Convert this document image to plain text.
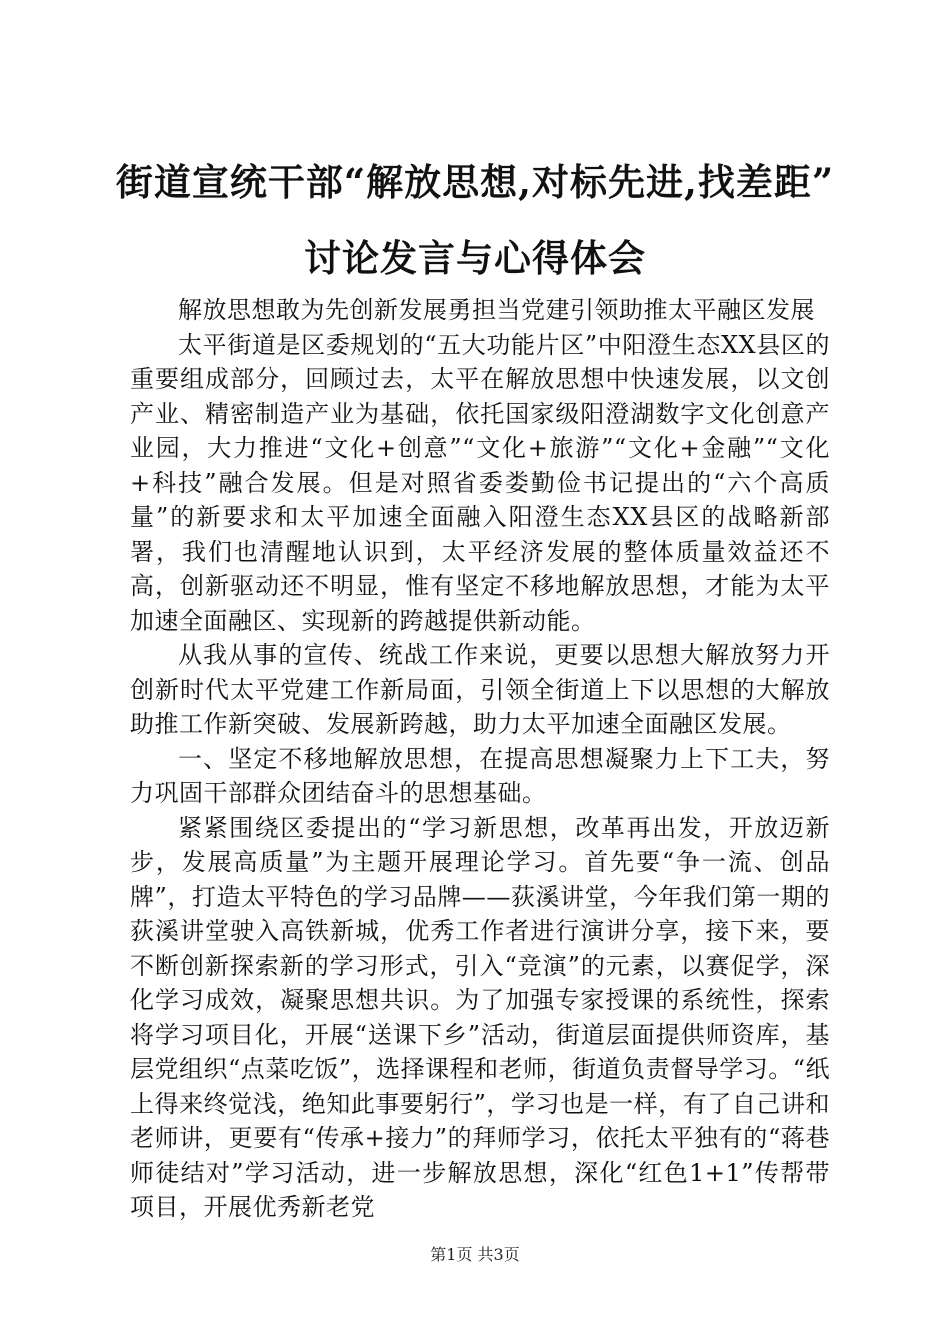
街道宣统干部“解放思想,对标先进,找差距”
讨论发言与心得体会

解放思想敢为先创新发展勇担当党建引领助推太平融区发展

太平街道是区委规划的“五大功能片区”中阳澄生态XX县区的重要组成部分，回顾过去，太平在解放思想中快速发展，以文创产业、精密制造产业为基础，依托国家级阳澄湖数字文化创意产业园，大力推进“文化+创意”“文化+旅游”“文化+金融”“文化+科技”融合发展。但是对照省委娄勤俭书记提出的“六个高质量”的新要求和太平加速全面融入阳澄生态XX县区的战略新部署，我们也清醒地认识到，太平经济发展的整体质量效益还不高，创新驱动还不明显，惟有坚定不移地解放思想，才能为太平加速全面融区、实现新的跨越提供新动能。

从我从事的宣传、统战工作来说，更要以思想大解放努力开创新时代太平党建工作新局面，引领全街道上下以思想的大解放助推工作新突破、发展新跨越，助力太平加速全面融区发展。

一、坚定不移地解放思想，在提高思想凝聚力上下工夫，努力巩固干部群众团结奋斗的思想基础。

紧紧围绕区委提出的“学习新思想，改革再出发，开放迈新步，发展高质量”为主题开展理论学习。首先要“争一流、创品牌”，打造太平特色的学习品牌——荻溪讲堂，今年我们第一期的荻溪讲堂驶入高铁新城，优秀工作者进行演讲分享，接下来，要不断创新探索新的学习形式，引入“竞演”的元素，以赛促学，深化学习成效，凝聚思想共识。为了加强专家授课的系统性，探索将学习项目化，开展“送课下乡”活动，街道层面提供师资库，基层党组织“点菜吃饭”，选择课程和老师，街道负责督导学习。“纸上得来终觉浅，绝知此事要躬行”，学习也是一样，有了自己讲和老师讲，更要有“传承+接力”的拜师学习，依托太平独有的“蒋巷师徒结对”学习活动，进一步解放思想，深化“红色1+1”传帮带项目，开展优秀新老党

第1页 共3页
